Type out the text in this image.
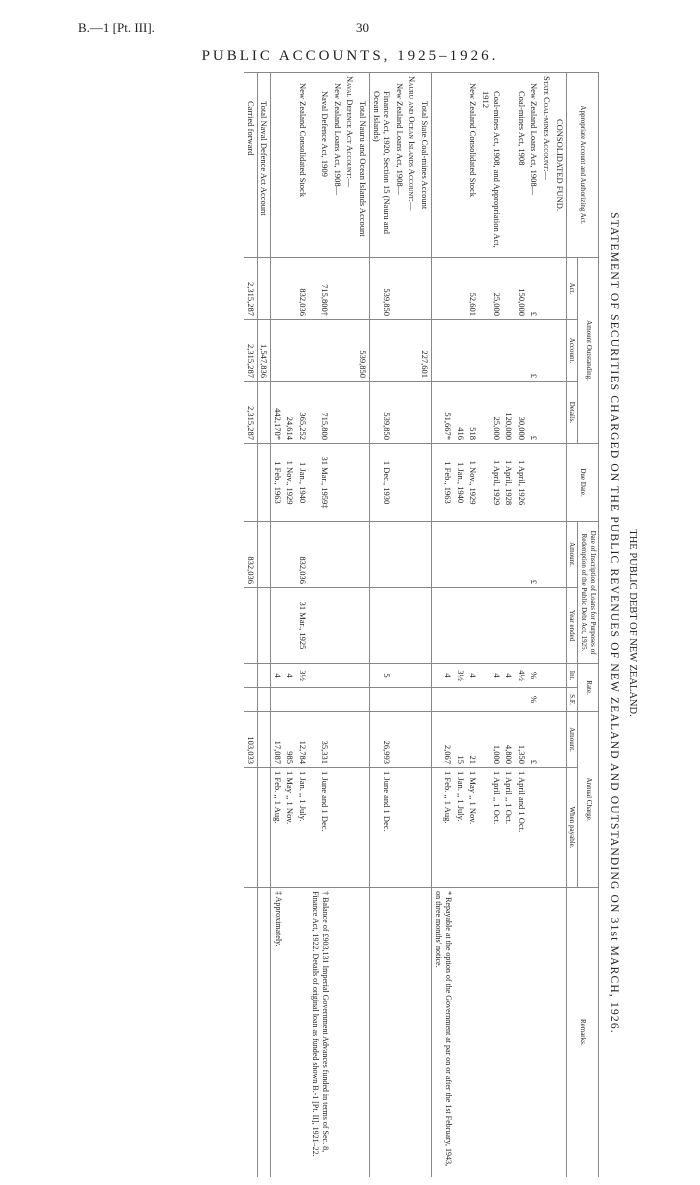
B.—1 [Pt. III].	30
PUBLIC ACCOUNTS, 1925–1926.
THE PUBLIC DEBT OF NEW ZEALAND.
STATEMENT OF SECURITIES CHARGED ON THE PUBLIC REVENUES OF NEW ZEALAND AND OUTSTANDING ON 31st MARCH, 1926.
Appropriate Account and Authorizing Act.	Amount Outstanding.			Due Date.	Date of Inscription of Loans for Purposes of Redemption of the Public Debt Act, 1925.		Rate.		Annual Charge.		Remarks.
	Act.	Account.	Details.		Amount.	Year ended	Int.	S.F.	Amount.	When payable.	
CONSOLIDATED FUND.											
State Coal-mines Account:—											
New Zealand Loans Act, 1908—	£	£	£		£		%	%	£		
Coal-mines Act, 1908	150,000		30,000	1 April, 1926			4½		1,350	1 April and 1 Oct.	
			120,000	1 April, 1928			4		4,800	1 April ,, 1 Oct.	
Coal-mines Act, 1908, and Appropriation Act, 1912	25,000		25,000	1 April, 1929			4		1,000	1 April ,, 1 Oct.	
New Zealand Consolidated Stock	52,601		518	1 Nov., 1929			4		21	1 May ,, 1 Nov.	
			416	1 Jan., 1940			3½		15	1 Jan. ,, 1 July.	
			51,667*	1 Feb., 1963			4		2,067	1 Feb. ,, 1 Aug.	* Repayable at the option of the Government at par on or after the 1st February, 1943, on three months' notice.
Total State Coal-mines Account		227,601									
Nauru and Ocean Islands Account:—											
New Zealand Loans Act, 1908—											
Finance Act, 1920, Section 15 (Nauru and Ocean Islands)	539,850		539,850	1 Dec., 1930			5		26,993	1 June and 1 Dec.	
Total Nauru and Ocean Islands Account		539,850									
Naval Defence Act Account:—											
New Zealand Loans Act, 1908—											
Naval Defence Act, 1909	715,800†		715,800	31 Mar., 1959‡					35,331	1 June and 1 Dec.	† Balance of £903,131 Imperial Government Advances funded in terms of Sec. 8, Finance Act, 1922. Details of original loan as funded shown B.-1 [Pt. II], 1921–22.
New Zealand Consolidated Stock	832,036		365,252	1 Jan., 1940	832,036	31 Mar., 1925	3½		12,784	1 Jan. ,, 1 July.	
			24,614	1 Nov., 1929			4		985	1 May ,, 1 Nov.	
			442,170*	1 Feb., 1963			4		17,087	1 Feb. ,, 1 Aug.	‡ Approximately.
Total Naval Defence Act Account		1,547,836									
Carried forward	2,315,287	2,315,287	2,315,287		832,036				103,033		
